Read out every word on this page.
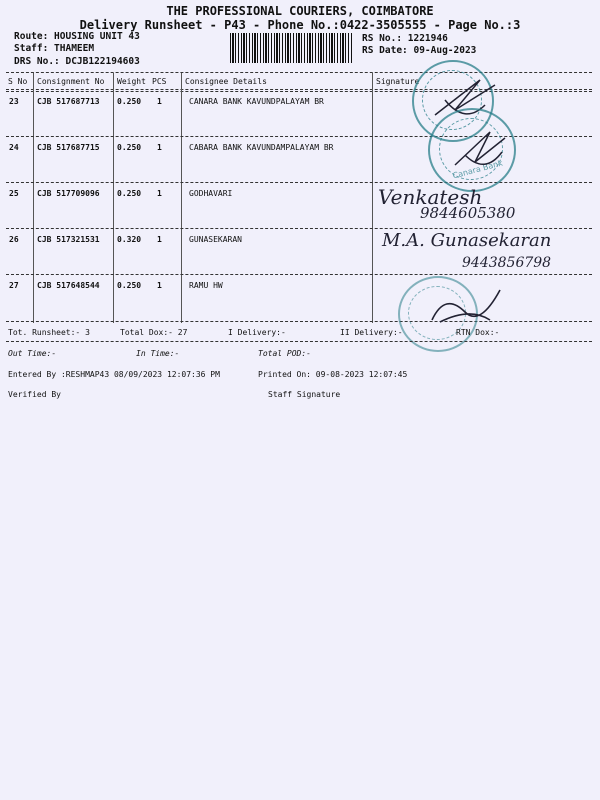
THE PROFESSIONAL COURIERS, COIMBATORE
Delivery Runsheet - P43 - Phone No.:0422-3505555 - Page No.:3
Route: HOUSING UNIT 43
Staff: THAMEEM
DRS No.: DCJB122194603
RS No.: 1221946
RS Date: 09-Aug-2023
S No Consignment No Weight PCS Consignee Details	Signature
23 CJB 517687713 0.250 1	CANARA BANK KAVUNDPALAYAM BR
24 CJB 517687715 0.250 1	CABARA BANK KAVUNDAMPALAYAM BR
25 CJB 517709096 0.250 1	GODHAVARI
26 CJB 517321531 0.320 1	GUNASEKARAN
27 CJB 517648544 0.250 1	RAMU HW
Canara Bank
Venkatesh
9844605380
M.A. Gunasekaran
9443856798
Tot. Runsheet:- 3	Total Dox:- 27	I Delivery:-	II Delivery:-	RTN Dox:-
Out Time:-	In Time:-	Total POD:-
Entered By :RESHMAP43 08/09/2023 12:07:36 PM	Printed On: 09-08-2023 12:07:45
Verified By	Staff Signature
